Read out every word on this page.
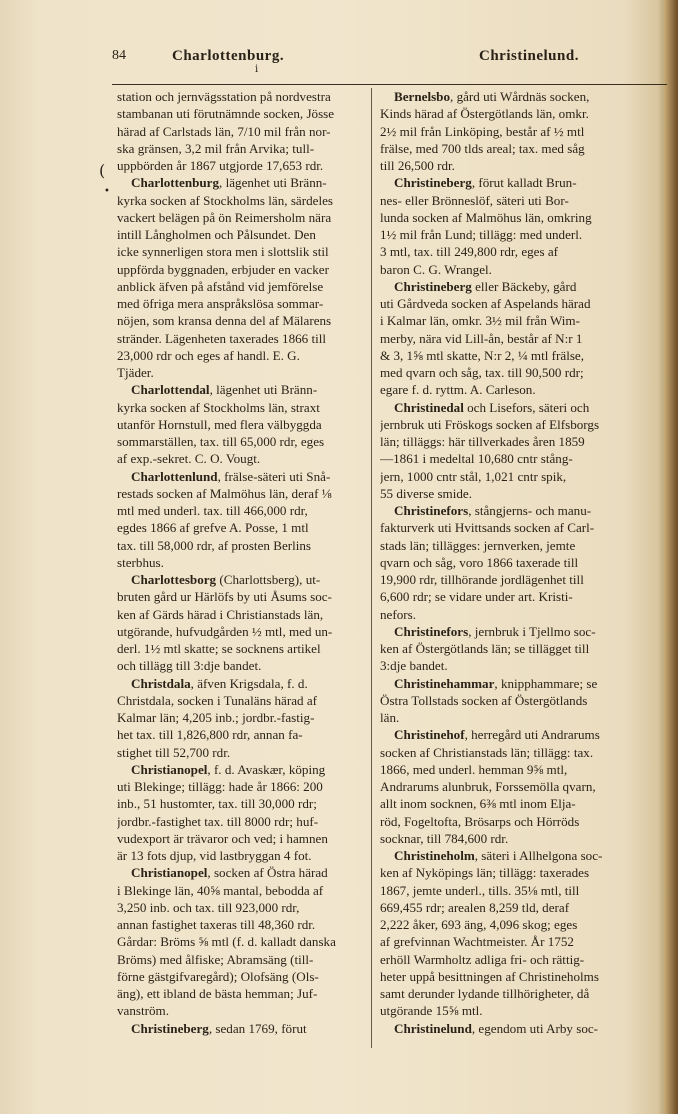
84	Charlottenburg.	Christinelund.
i
(
•
station och jernvägsstation på nordvestra
stambanan uti förutnämnde socken, Jösse
härad af Carlstads län, 7/10 mil från nor-
ska gränsen, 3,2 mil från Arvika; tull-
uppbörden år 1867 utgjorde 17,653 rdr.
Charlottenburg, lägenhet uti Bränn-
kyrka socken af Stockholms län, särdeles
vackert belägen på ön Reimersholm nära
intill Långholmen och Pålsundet. Den
icke synnerligen stora men i slottslik stil
uppförda byggnaden, erbjuder en vacker
anblick äfven på afstånd vid jemförelse
med öfriga mera anspråkslösa sommar-
nöjen, som kransa denna del af Mälarens
stränder. Lägenheten taxerades 1866 till
23,000 rdr och eges af handl. E. G.
Tjäder.
Charlottendal, lägenhet uti Bränn-
kyrka socken af Stockholms län, straxt
utanför Hornstull, med flera välbyggda
sommarställen, tax. till 65,000 rdr, eges
af exp.-sekret. C. O. Vougt.
Charlottenlund, frälse-säteri uti Snå-
restads socken af Malmöhus län, deraf ⅛
mtl med underl. tax. till 466,000 rdr,
egdes 1866 af grefve A. Posse, 1 mtl
tax. till 58,000 rdr, af prosten Berlins
sterbhus.
Charlottesborg (Charlottsberg), ut-
bruten gård ur Härlöfs by uti Åsums soc-
ken af Gärds härad i Christianstads län,
utgörande, hufvudgården ½ mtl, med un-
derl. 1½ mtl skatte; se socknens artikel
och tillägg till 3:dje bandet.
Christdala, äfven Krigsdala, f. d.
Christdala, socken i Tunaläns härad af
Kalmar län; 4,205 inb.; jordbr.-fastig-
het tax. till 1,826,800 rdr, annan fa-
stighet till 52,700 rdr.
Christianopel, f. d. Avaskær, köping
uti Blekinge; tillägg: hade år 1866: 200
inb., 51 hustomter, tax. till 30,000 rdr;
jordbr.-fastighet tax. till 8000 rdr; huf-
vudexport är trävaror och ved; i hamnen
är 13 fots djup, vid lastbryggan 4 fot.
Christianopel, socken af Östra härad
i Blekinge län, 40⅝ mantal, bebodda af
3,250 inb. och tax. till 923,000 rdr,
annan fastighet taxeras till 48,360 rdr.
Gårdar: Bröms ⅝ mtl (f. d. kalladt danska
Bröms) med ålfiske; Abramsäng (till-
förne gästgifvaregård); Olofsäng (Ols-
äng), ett ibland de bästa hemman; Juf-
vanström.
Christineberg, sedan 1769, förut
Bernelsbo, gård uti Wårdnäs socken,
Kinds härad af Östergötlands län, omkr.
2½ mil från Linköping, består af ½ mtl
frälse, med 700 tlds areal; tax. med såg
till 26,500 rdr.
Christineberg, förut kalladt Brun-
nes- eller Brönneslöf, säteri uti Bor-
lunda socken af Malmöhus län, omkring
1½ mil från Lund; tillägg: med underl.
3 mtl, tax. till 249,800 rdr, eges af
baron C. G. Wrangel.
Christineberg eller Bäckeby, gård
uti Gårdveda socken af Aspelands härad
i Kalmar län, omkr. 3½ mil från Wim-
merby, nära vid Lill-ån, består af N:r 1
& 3, 1⅝ mtl skatte, N:r 2, ¼ mtl frälse,
med qvarn och såg, tax. till 90,500 rdr;
egare f. d. ryttm. A. Carleson.
Christinedal och Lisefors, säteri och
jernbruk uti Fröskogs socken af Elfsborgs
län; tilläggs: här tillverkades åren 1859
—1861 i medeltal 10,680 cntr stång-
jern, 1000 cntr stål, 1,021 cntr spik,
55 diverse smide.
Christinefors, stångjerns- och manu-
fakturverk uti Hvittsands socken af Carl-
stads län; tillägges: jernverken, jemte
qvarn och såg, voro 1866 taxerade till
19,900 rdr, tillhörande jordlägenhet till
6,600 rdr; se vidare under art. Kristi-
nefors.
Christinefors, jernbruk i Tjellmo soc-
ken af Östergötlands län; se tillägget till
3:dje bandet.
Christinehammar, knipphammare; se
Östra Tollstads socken af Östergötlands
län.
Christinehof, herregård uti Andrarums
socken af Christianstads län; tillägg: tax.
1866, med underl. hemman 9⅝ mtl,
Andrarums alunbruk, Forssemölla qvarn,
allt inom socknen, 6⅜ mtl inom Elja-
röd, Fogeltofta, Brösarps och Hörröds
socknar, till 784,600 rdr.
Christineholm, säteri i Allhelgona soc-
ken af Nyköpings län; tillägg: taxerades
1867, jemte underl., tills. 35⅛ mtl, till
669,455 rdr; arealen 8,259 tld, deraf
2,222 åker, 693 äng, 4,096 skog; eges
af grefvinnan Wachtmeister. År 1752
erhöll Warmholtz adliga fri- och rättig-
heter uppå besittningen af Christineholms
samt derunder lydande tillhörigheter, då
utgörande 15⅝ mtl.
Christinelund, egendom uti Arby soc-
